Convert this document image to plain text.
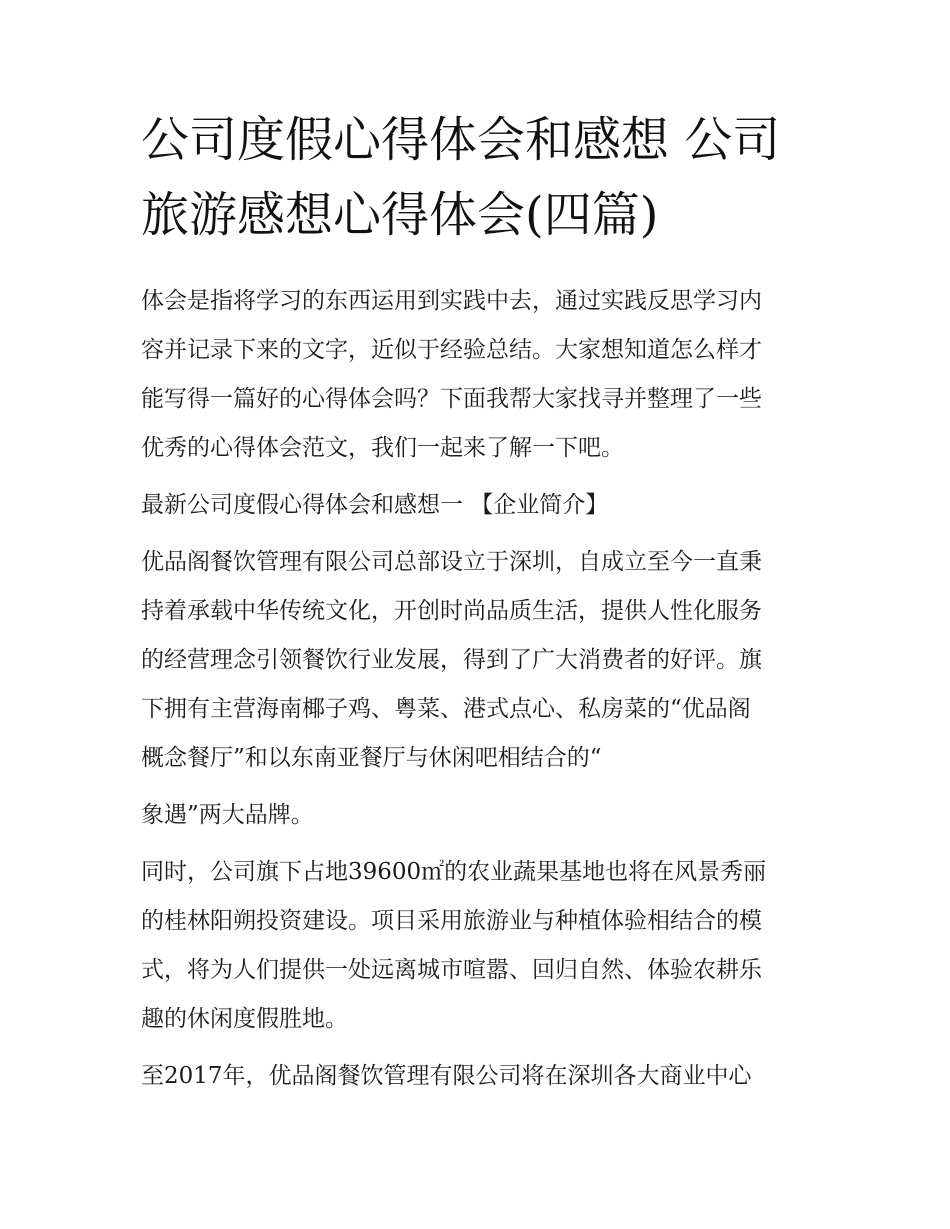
公司度假心得体会和感想 公司
旅游感想心得体会(四篇)

体会是指将学习的东西运用到实践中去，通过实践反思学习内
容并记录下来的文字，近似于经验总结。大家想知道怎么样才
能写得一篇好的心得体会吗？下面我帮大家找寻并整理了一些
优秀的心得体会范文，我们一起来了解一下吧。

最新公司度假心得体会和感想一 【企业简介】

优品阁餐饮管理有限公司总部设立于深圳，自成立至今一直秉
持着承载中华传统文化，开创时尚品质生活，提供人性化服务
的经营理念引领餐饮行业发展，得到了广大消费者的好评。旗
下拥有主营海南椰子鸡、粤菜、港式点心、私房菜的“优品阁
概念餐厅”和以东南亚餐厅与休闲吧相结合的“

象遇”两大品牌。

同时，公司旗下占地39600㎡的农业蔬果基地也将在风景秀丽
的桂林阳朔投资建设。项目采用旅游业与种植体验相结合的模
式，将为人们提供一处远离城市喧嚣、回归自然、体验农耕乐
趣的休闲度假胜地。

至2017年，优品阁餐饮管理有限公司将在深圳各大商业中心
